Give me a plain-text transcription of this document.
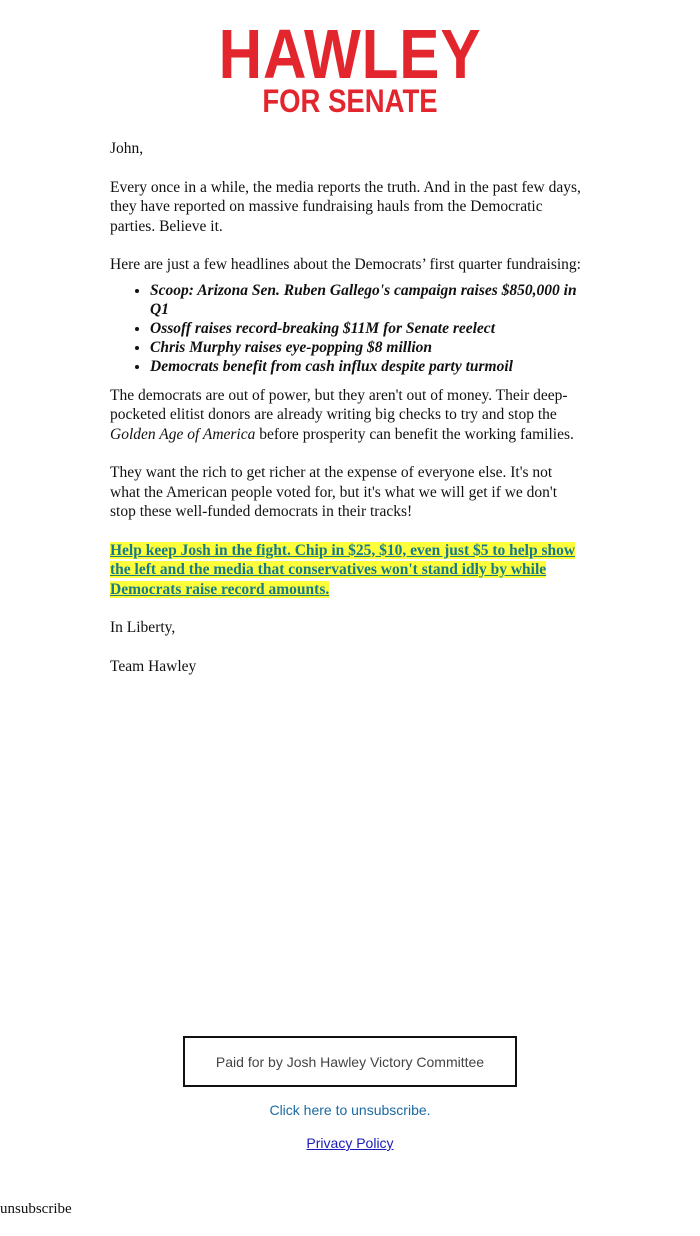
HAWLEY
FOR SENATE

John,

Every once in a while, the media reports the truth. And in the past few days, they have reported on massive fundraising hauls from the Democratic parties. Believe it.

Here are just a few headlines about the Democrats’ first quarter fundraising:

• Scoop: Arizona Sen. Ruben Gallego's campaign raises $850,000 in Q1
• Ossoff raises record-breaking $11M for Senate reelect
• Chris Murphy raises eye-popping $8 million
• Democrats benefit from cash influx despite party turmoil

The democrats are out of power, but they aren't out of money. Their deep-pocketed elitist donors are already writing big checks to try and stop the Golden Age of America before prosperity can benefit the working families.

They want the rich to get richer at the expense of everyone else. It's not what the American people voted for, but it's what we will get if we don't stop these well-funded democrats in their tracks!

Help keep Josh in the fight. Chip in $25, $10, even just $5 to help show the left and the media that conservatives won't stand idly by while Democrats raise record amounts.

In Liberty,

Team Hawley

Paid for by Josh Hawley Victory Committee
Click here to unsubscribe.
Privacy Policy
unsubscribe
